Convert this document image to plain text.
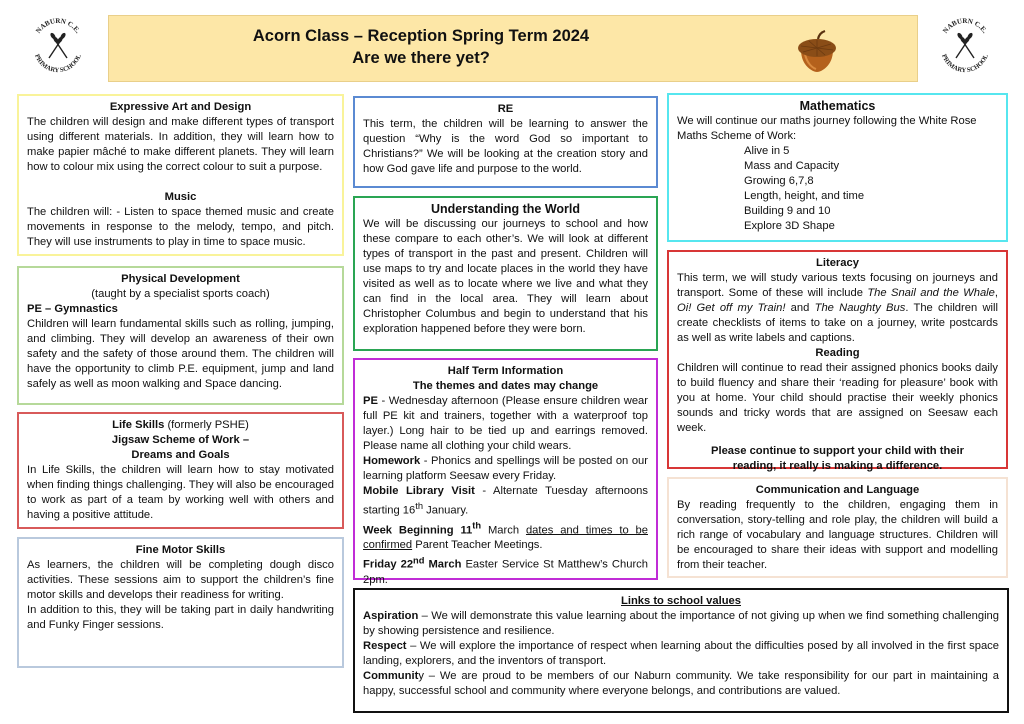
NABURN C.E.
PRIMARY SCHOOL
NABURN C.E.
PRIMARY SCHOOL
Acorn Class – Reception Spring Term 2024
Are we there yet?

Expressive Art and Design

The children will design and make different types of transport using different materials. In addition, they will learn how to make papier mâché to make different planets. They will learn how to colour mix using the correct colour to suit a purpose.

Music

The children will: - Listen to space themed music and create movements in response to the melody, tempo, and pitch. They will use instruments to play in time to space music.

Physical Development

(taught by a specialist sports coach)

PE – Gymnastics

Children will learn fundamental skills such as rolling, jumping, and climbing. They will develop an awareness of their own safety and the safety of those around them. The children will have the opportunity to climb P.E. equipment, jump and land safely as well as moon walking and Space dancing.

Life Skills (formerly PSHE)

Jigsaw Scheme of Work –

Dreams and Goals

In Life Skills, the children will learn how to stay motivated when finding things challenging. They will also be encouraged to work as part of a team by working well with others and having a positive attitude.

Fine Motor Skills

As learners, the children will be completing dough disco activities. These sessions aim to support the children’s fine motor skills and develops their readiness for writing.

In addition to this, they will be taking part in daily handwriting and Funky Finger sessions.

RE

This term, the children will be learning to answer the question “Why is the word God so important to Christians?” We will be looking at the creation story and how God gave life and purpose to the world.

Understanding the World

We will be discussing our journeys to school and how these compare to each other’s. We will look at different types of transport in the past and present. Children will use maps to try and locate places in the world they have visited as well as to locate where we live and what they can find in the local area. They will learn about Christopher Columbus and begin to understand that his exploration happened before they were born.

Half Term Information

The themes and dates may change

PE - Wednesday afternoon (Please ensure children wear full PE kit and trainers, together with a waterproof top layer.) Long hair to be tied up and earrings removed. Please name all clothing your child wears.

Homework - Phonics and spellings will be posted on our learning platform Seesaw every Friday.

Mobile Library Visit - Alternate Tuesday afternoons starting 16th January.

Week Beginning 11th March dates and times to be confirmed Parent Teacher Meetings.

Friday 22nd March Easter Service St Matthew’s Church 2pm.

Mathematics

We will continue our maths journey following the White Rose Maths Scheme of Work:

Alive in 5
Mass and Capacity
Growing 6,7,8
Length, height, and time
Building 9 and 10
Explore 3D Shape

Literacy

This term, we will study various texts focusing on journeys and transport. Some of these will include The Snail and the Whale, Oi! Get off my Train! and The Naughty Bus. The children will create checklists of items to take on a journey, write postcards as well as write labels and captions.

Reading

Children will continue to read their assigned phonics books daily to build fluency and share their ‘reading for pleasure’ book with you at home. Your child should practise their weekly phonics sounds and tricky words that are assigned on Seesaw each week.

Please continue to support your child with their

reading, it really is making a difference.

Communication and Language

By reading frequently to the children, engaging them in conversation, story-telling and role play, the children will build a rich range of vocabulary and language structures. Children will be encouraged to share their ideas with support and modelling from their teacher.

Links to school values

Aspiration – We will demonstrate this value learning about the importance of not giving up when we find something challenging by showing persistence and resilience.

Respect – We will explore the importance of respect when learning about the difficulties posed by all involved in the first space landing, explorers, and the inventors of transport.

Community – We are proud to be members of our Naburn community. We take responsibility for our part in maintaining a happy, successful school and community where everyone belongs, and contributions are valued.
